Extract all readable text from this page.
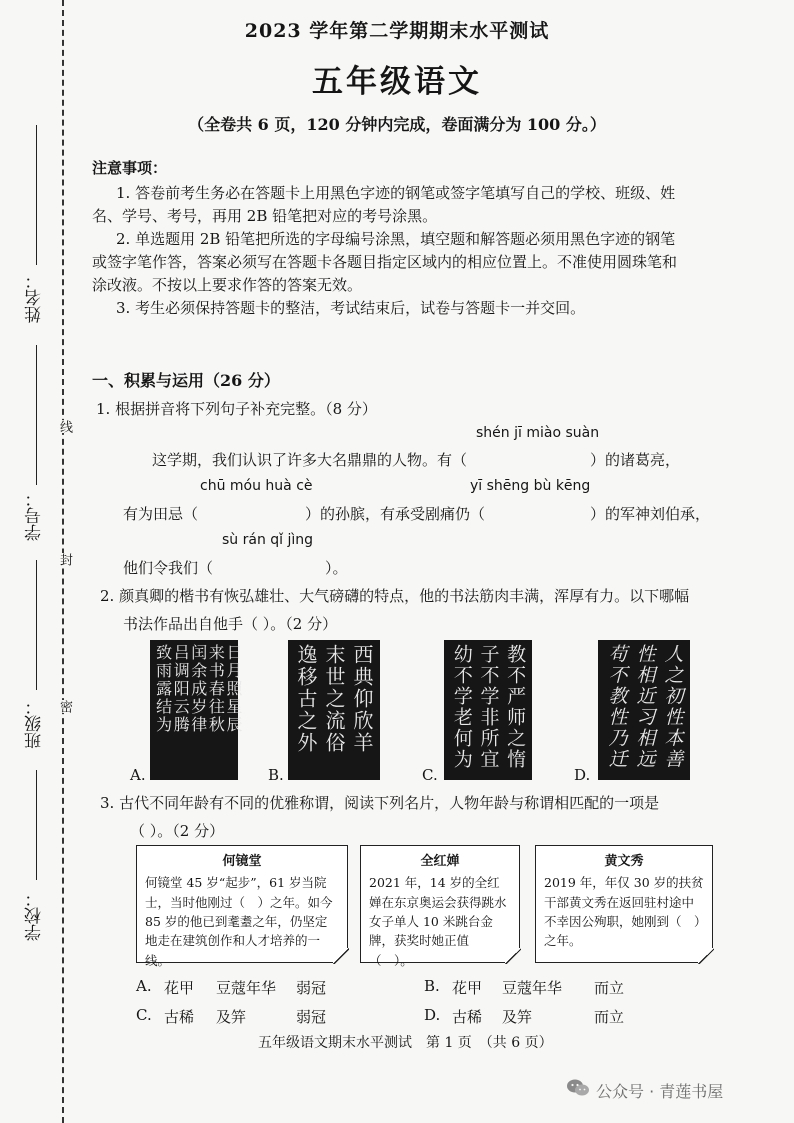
姓名：
学号：
班级：
学校：
线
封
密
2023 学年第二学期期末水平测试
五年级语文
（全卷共 6 页，120 分钟内完成，卷面满分为 100 分。）
注意事项：
1. 答卷前考生务必在答题卡上用黑色字迹的钢笔或签字笔填写自己的学校、班级、姓
名、学号、考号，再用 2B 铅笔把对应的考号涂黑。
2. 单选题用 2B 铅笔把所选的字母编号涂黑，填空题和解答题必须用黑色字迹的钢笔
或签字笔作答，答案必须写在答题卡各题目指定区域内的相应位置上。不准使用圆珠笔和
涂改液。不按以上要求作答的答案无效。
3. 考生必须保持答题卡的整洁，考试结束后，试卷与答题卡一并交回。
一、积累与运用（26 分）
1. 根据拼音将下列句子补充完整。（8 分）
shén jī miào suàn
这学期，我们认识了许多大名鼎鼎的人物。有（	）的诸葛亮，
chū móu huà cè	yī shēng bù kēng
有为田忌（	）的孙膑，有承受剧痛仍（	）的军神刘伯承，
sù rán qǐ jìng
他们令我们（	）。
2. 颜真卿的楷书有恢弘雄壮、大气磅礴的特点，他的书法筋肉丰满，浑厚有力。以下哪幅
书法作品出自他手（ ）。（2 分）
A.
日月照星辰
来书春往秋
闰余成岁律
吕调阳云腾
致雨露结为
B.
西典仰欣羊
末世之流俗
逸移古之外
C.
教不严师之惰
子不学非所宜
幼不学老何为
D.
人之初性本善
性相近习相远
苟不教性乃迁
3. 古代不同年龄有不同的优雅称谓，阅读下列名片，人物年龄与称谓相匹配的一项是
（ ）。（2 分）
何镜堂
何镜堂 45 岁“起步”，61 岁当院士，当时他刚过（　）之年。如今 85 岁的他已到耄耋之年，仍坚定地走在建筑创作和人才培养的一线。
全红婵
2021 年，14 岁的全红婵在东京奥运会获得跳水女子单人 10 米跳台金牌，获奖时她正值（　）。
黄文秀
2019 年，年仅 30 岁的扶贫干部黄文秀在返回驻村途中不幸因公殉职，她刚到（　）之年。
A. 花甲 豆蔻年华 弱冠	B. 花甲 豆蔻年华 而立
C. 古稀 及笄	弱冠	D. 古稀 及笄	而立
五年级语文期末水平测试　第 1 页　（共 6 页）
公众号 · 青莲书屋
